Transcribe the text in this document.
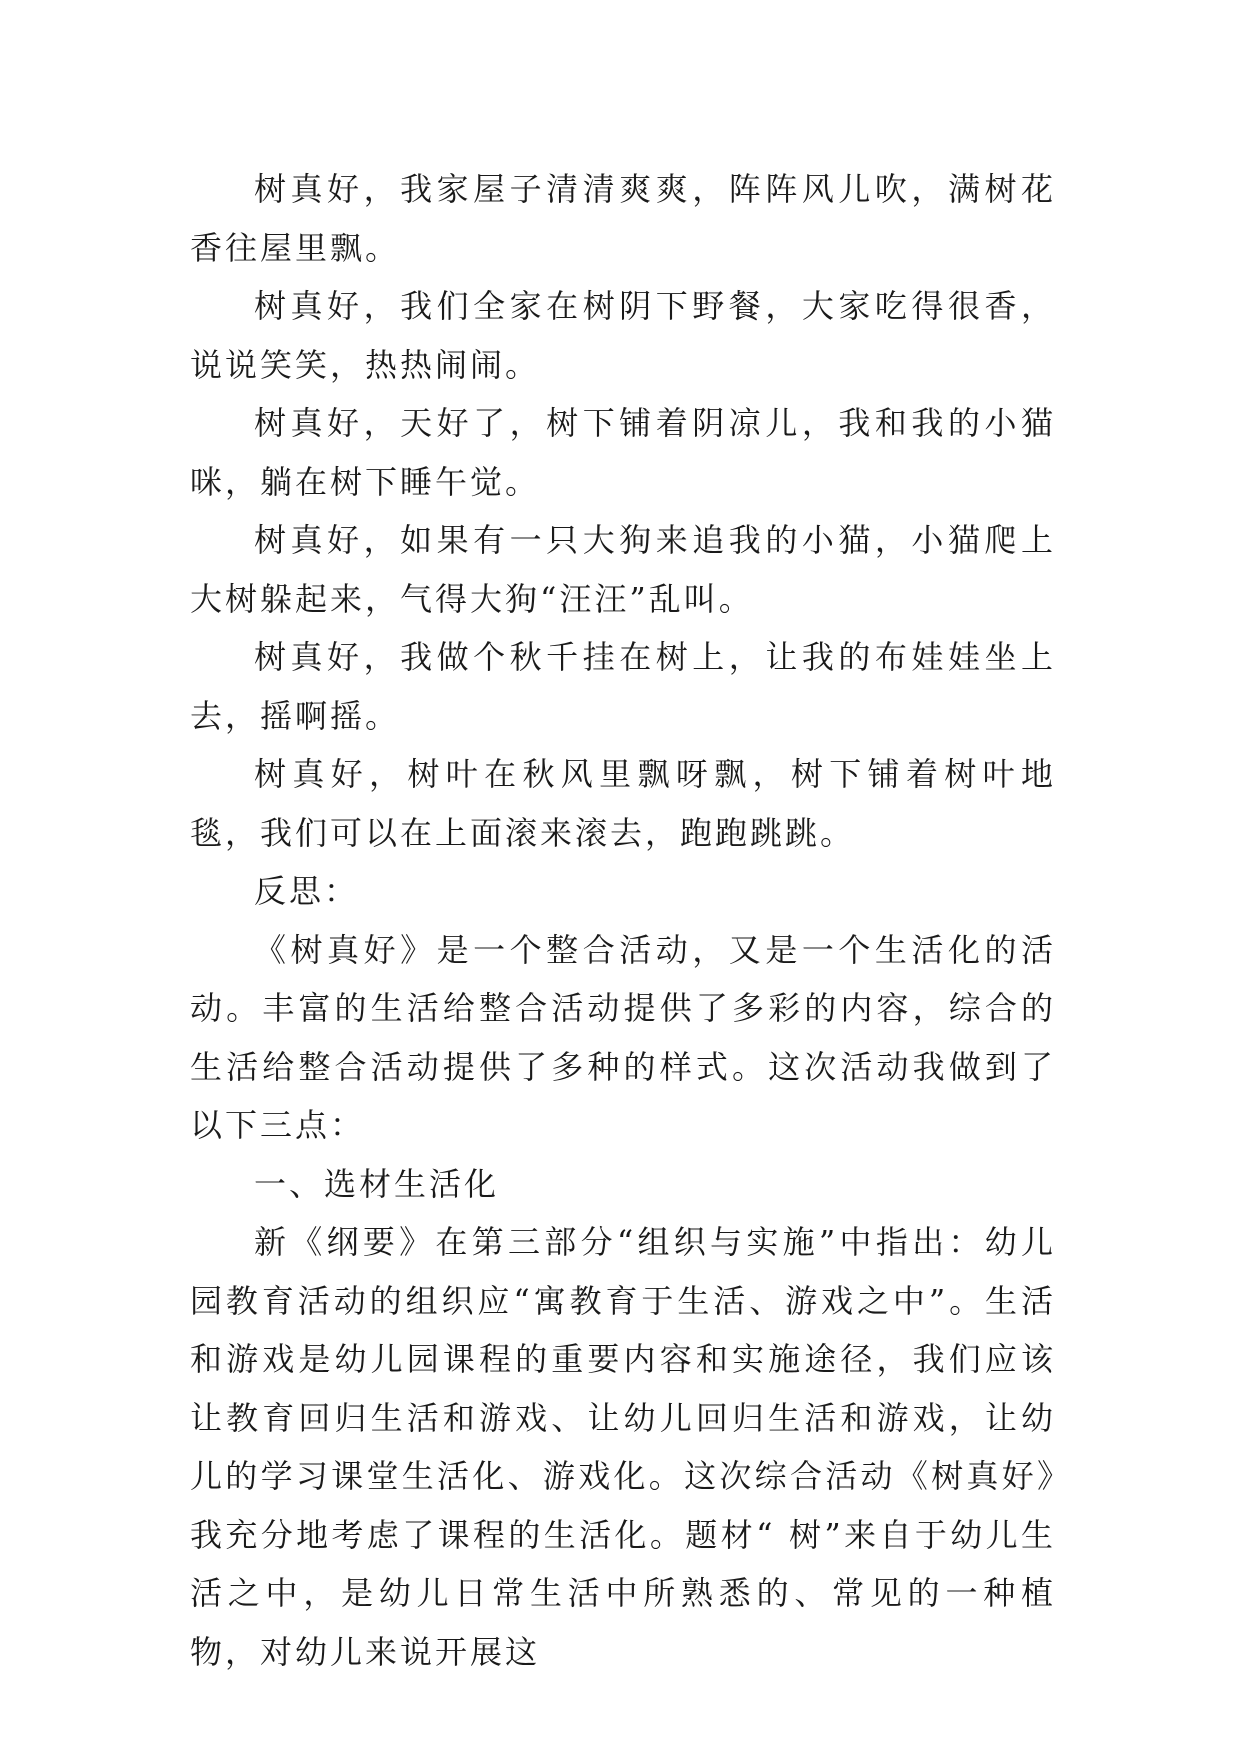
树真好，我家屋子清清爽爽，阵阵风儿吹，满树花香往屋里飘。

树真好，我们全家在树阴下野餐，大家吃得很香，说说笑笑，热热闹闹。

树真好，天好了，树下铺着阴凉儿，我和我的小猫咪，躺在树下睡午觉。

树真好，如果有一只大狗来追我的小猫，小猫爬上大树躲起来，气得大狗“汪汪”乱叫。

树真好，我做个秋千挂在树上，让我的布娃娃坐上去，摇啊摇。

树真好，树叶在秋风里飘呀飘，树下铺着树叶地毯，我们可以在上面滚来滚去，跑跑跳跳。

反思：

《树真好》是一个整合活动，又是一个生活化的活动。丰富的生活给整合活动提供了多彩的内容，综合的生活给整合活动提供了多种的样式。这次活动我做到了以下三点：

一、选材生活化

新《纲要》在第三部分“组织与实施”中指出：幼儿园教育活动的组织应“寓教育于生活、游戏之中”。生活和游戏是幼儿园课程的重要内容和实施途径，我们应该让教育回归生活和游戏、让幼儿回归生活和游戏，让幼儿的学习课堂生活化、游戏化。这次综合活动《树真好》我充分地考虑了课程的生活化。题材“ 树”来自于幼儿生活之中，是幼儿日常生活中所熟悉的、常见的一种植物，对幼儿来说开展这
